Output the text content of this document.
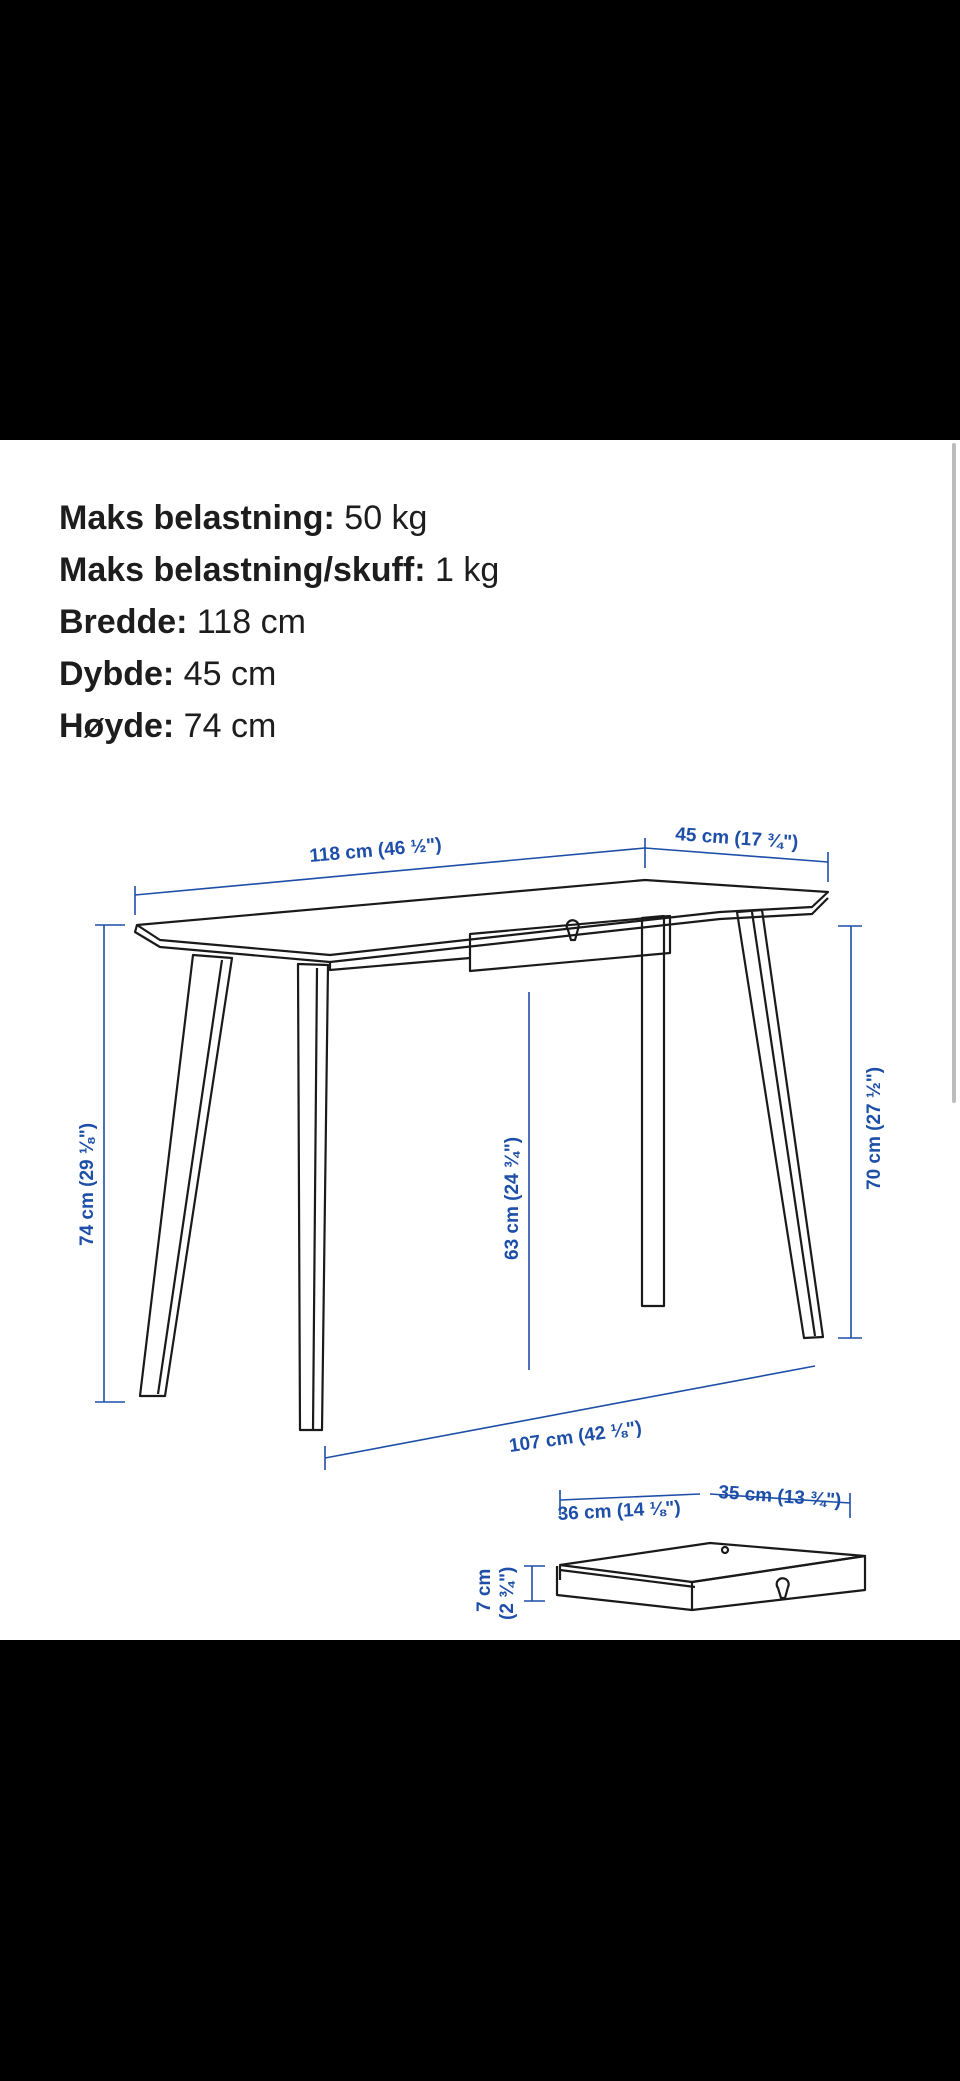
Maks belastning: 50 kg
Maks belastning/skuff: 1 kg
Bredde: 118 cm
Dybde: 45 cm
Høyde: 74 cm
118 cm (46 ½")	45 cm (17 ¾")
74 cm (29 ⅛")	63 cm (24 ¾")
70 cm (27 ½")
107 cm (42 ⅛")
36 cm (14 ⅛") 35 cm (13 ¾")
7 cm (2 ¾")
